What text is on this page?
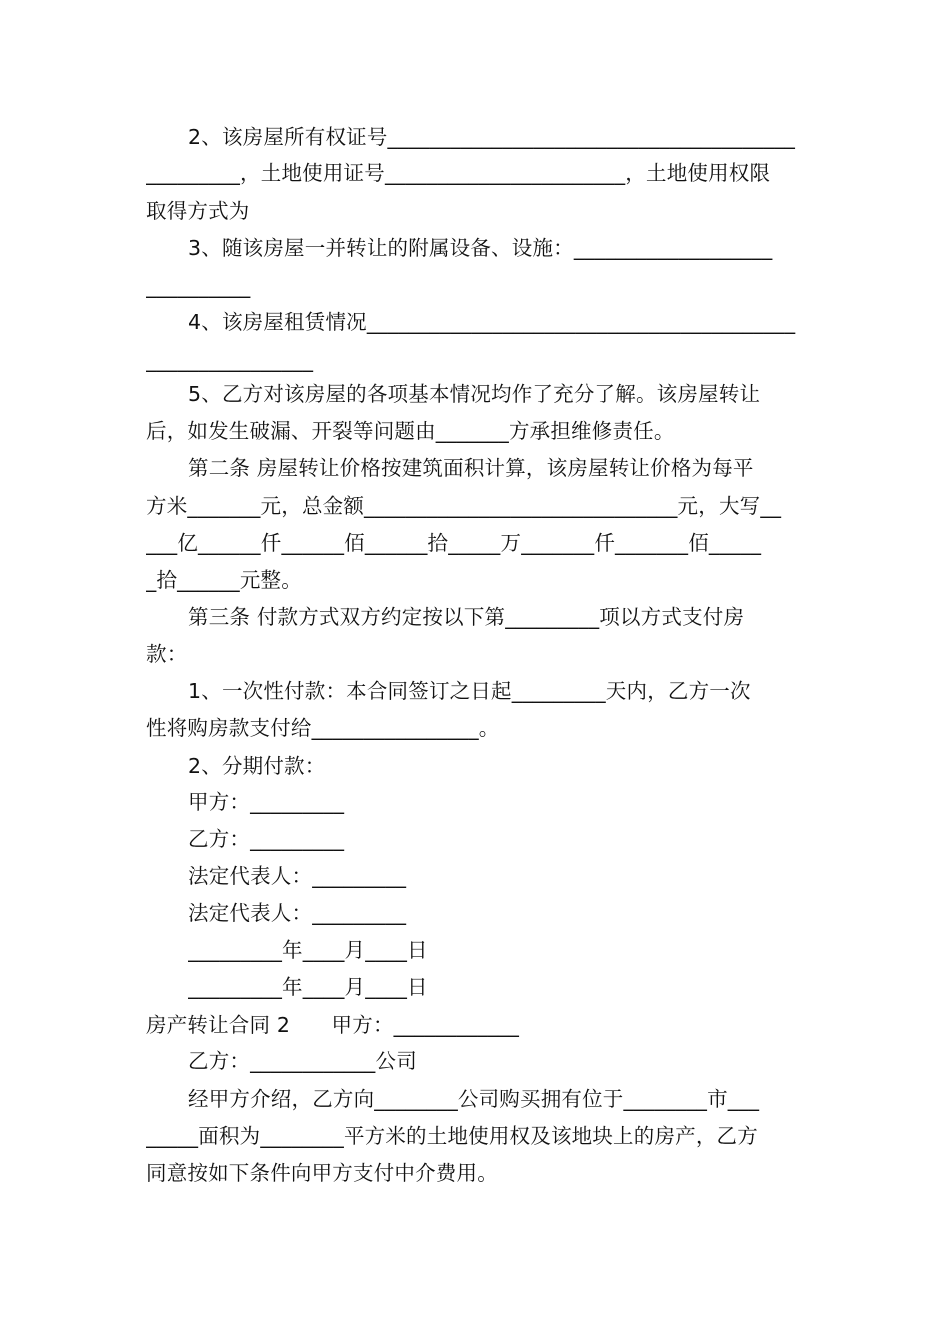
2、该房屋所有权证号_______________________________________
_________，土地使用证号_______________________，土地使用权限
取得方式为
3、随该房屋一并转让的附属设备、设施：___________________
__________
4、该房屋租赁情况_________________________________________
________________
5、乙方对该房屋的各项基本情况均作了充分了解。该房屋转让
后，如发生破漏、开裂等问题由_______方承担维修责任。
第二条 房屋转让价格按建筑面积计算，该房屋转让价格为每平
方米_______元，总金额______________________________元，大写__
___亿______仟______佰______拾_____万_______仟_______佰_____
_拾______元整。
第三条 付款方式双方约定按以下第_________项以方式支付房
款：
1、一次性付款：本合同签订之日起_________天内，乙方一次
性将购房款支付给________________。
2、分期付款：
甲方：_________
乙方：_________
法定代表人：_________
法定代表人：_________
_________年____月____日
_________年____月____日
房产转让合同 2　　甲方：____________
乙方：____________公司
经甲方介绍，乙方向________公司购买拥有位于________市___
_____面积为________平方米的土地使用权及该地块上的房产，乙方
同意按如下条件向甲方支付中介费用。
